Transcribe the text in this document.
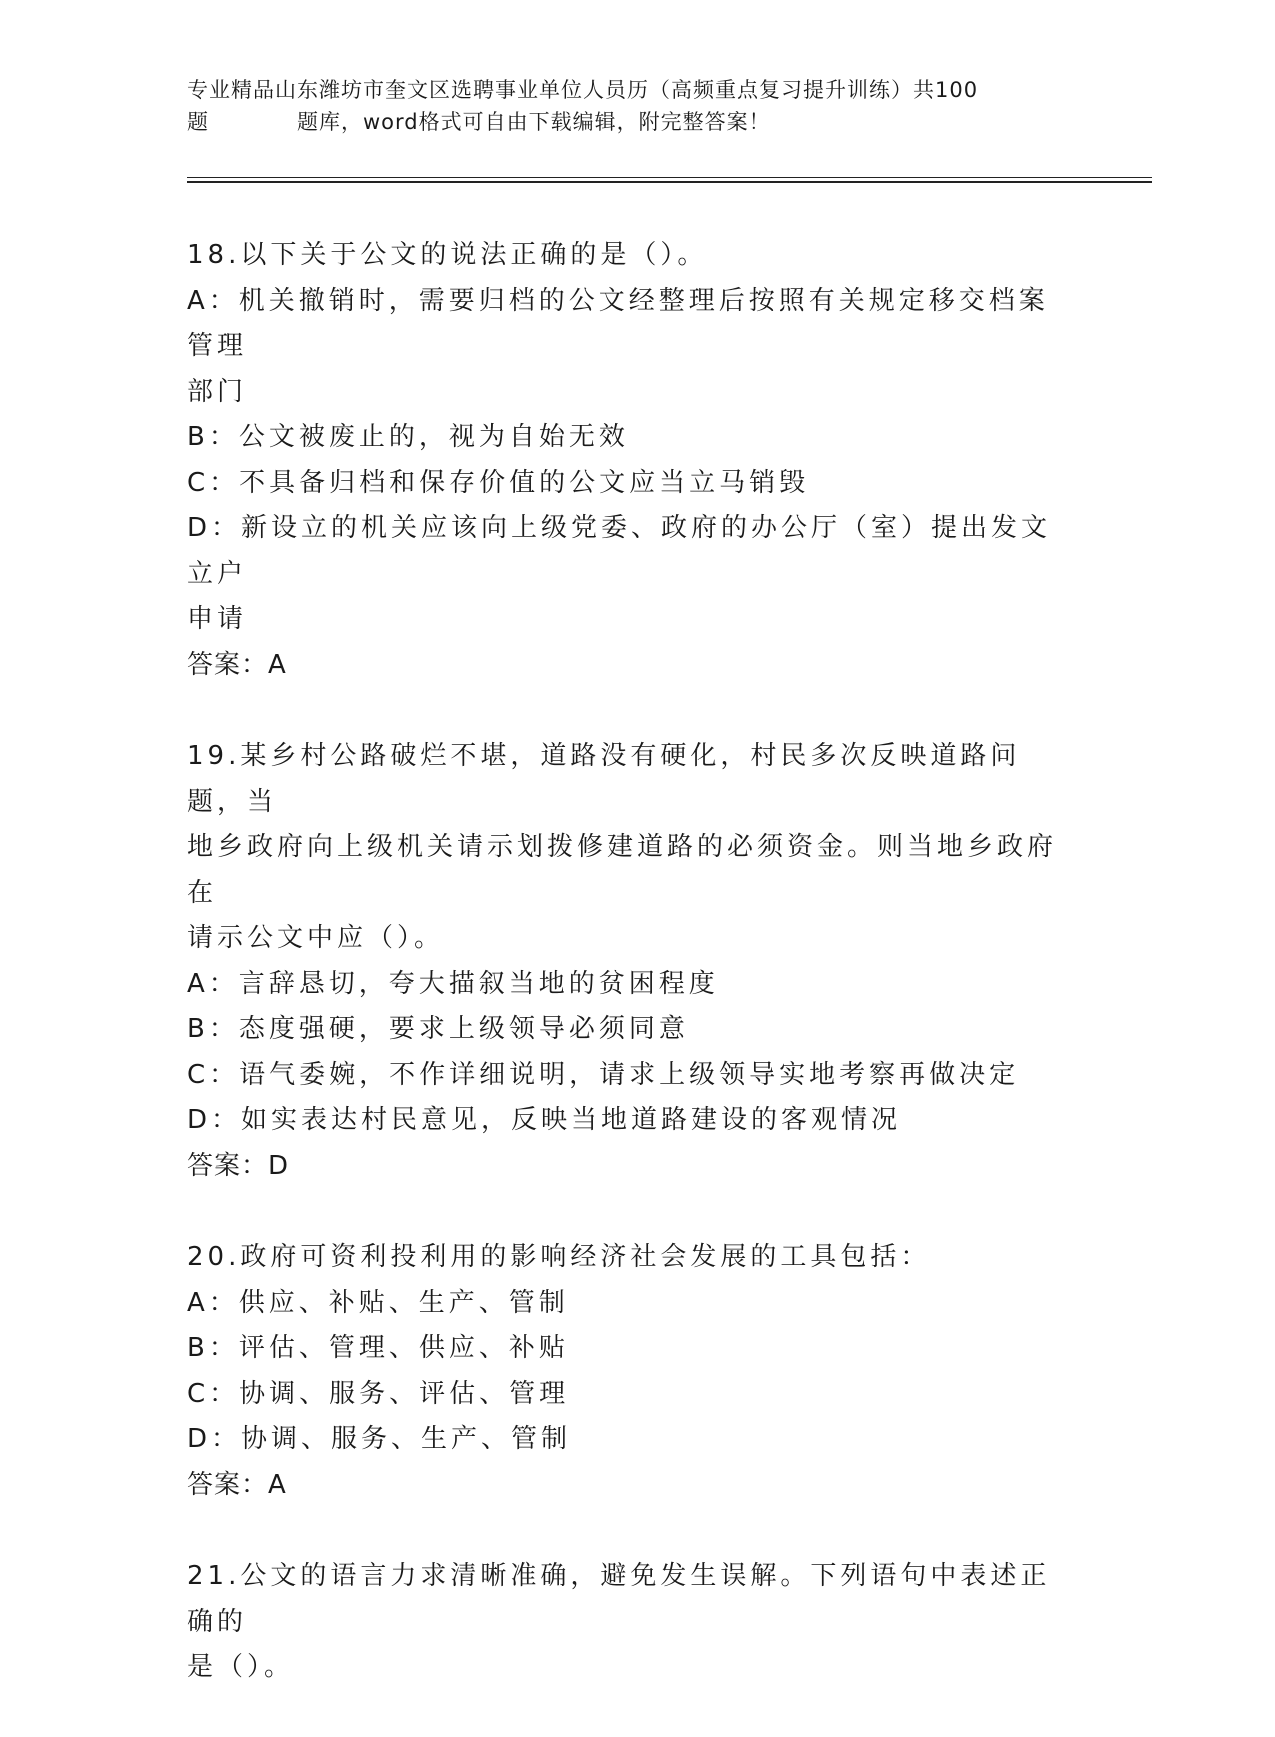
专业精品山东潍坊市奎文区选聘事业单位人员历（高频重点复习提升训练）共100
题	题库，word格式可自由下载编辑，附完整答案！

18.以下关于公文的说法正确的是（）。

A：机关撤销时，需要归档的公文经整理后按照有关规定移交档案管理

部门

B：公文被废止的，视为自始无效

C：不具备归档和保存价值的公文应当立马销毁

D：新设立的机关应该向上级党委、政府的办公厅（室）提出发文立户

申请

答案：A

19.某乡村公路破烂不堪，道路没有硬化，村民多次反映道路问题，当

地乡政府向上级机关请示划拨修建道路的必须资金。则当地乡政府在

请示公文中应（）。

A：言辞恳切，夸大描叙当地的贫困程度

B：态度强硬，要求上级领导必须同意

C：语气委婉，不作详细说明，请求上级领导实地考察再做决定

D：如实表达村民意见，反映当地道路建设的客观情况

答案：D

20.政府可资利投利用的影响经济社会发展的工具包括：

A：供应、补贴、生产、管制

B：评估、管理、供应、补贴

C：协调、服务、评估、管理

D：协调、服务、生产、管制

答案：A

21.公文的语言力求清晰准确，避免发生误解。下列语句中表述正确的

是（）。
